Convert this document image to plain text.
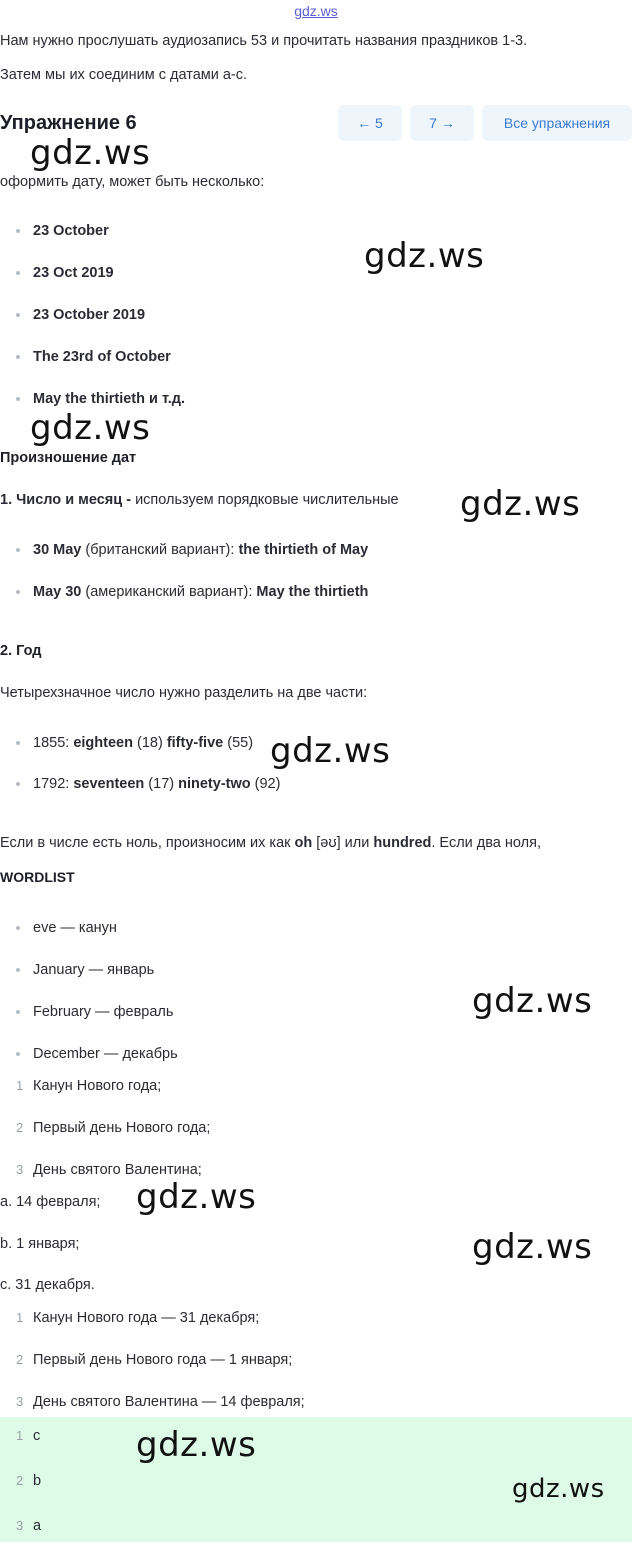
gdz.ws
Нам нужно прослушать аудиозапись 53 и прочитать названия праздников 1-3.
Затем мы их соединим с датами a-c.
Упражнение 6	← 5	7 →	Все упражнения
оформить дату, может быть несколько:
23 October
23 Oct 2019
23 October 2019
The 23rd of October
May the thirtieth и т.д.
Произношение дат
1. Число и месяц - используем порядковые числительные
30 May (британский вариант): the thirtieth of May
May 30 (американский вариант): May the thirtieth
2. Год
Четырехзначное число нужно разделить на две части:
1855: eighteen (18) fifty-five (55)
1792: seventeen (17) ninety-two (92)
Если в числе есть ноль, произносим их как oh [əʊ] или hundred. Если два ноля,
WORDLIST
eve — канун
January — январь
February — февраль
December — декабрь
1 Канун Нового года;
2 Первый день Нового года;
3 День святого Валентина;
a. 14 февраля;
b. 1 января;
c. 31 декабря.
1 Канун Нового года — 31 декабря;
2 Первый день Нового года — 1 января;
3 День святого Валентина — 14 февраля;
1 c
2 b
3 a
gdz.ws
gdz.ws
gdz.ws
gdz.ws
gdz.ws
gdz.ws
gdz.ws
gdz.ws
gdz.ws
gdz.ws
